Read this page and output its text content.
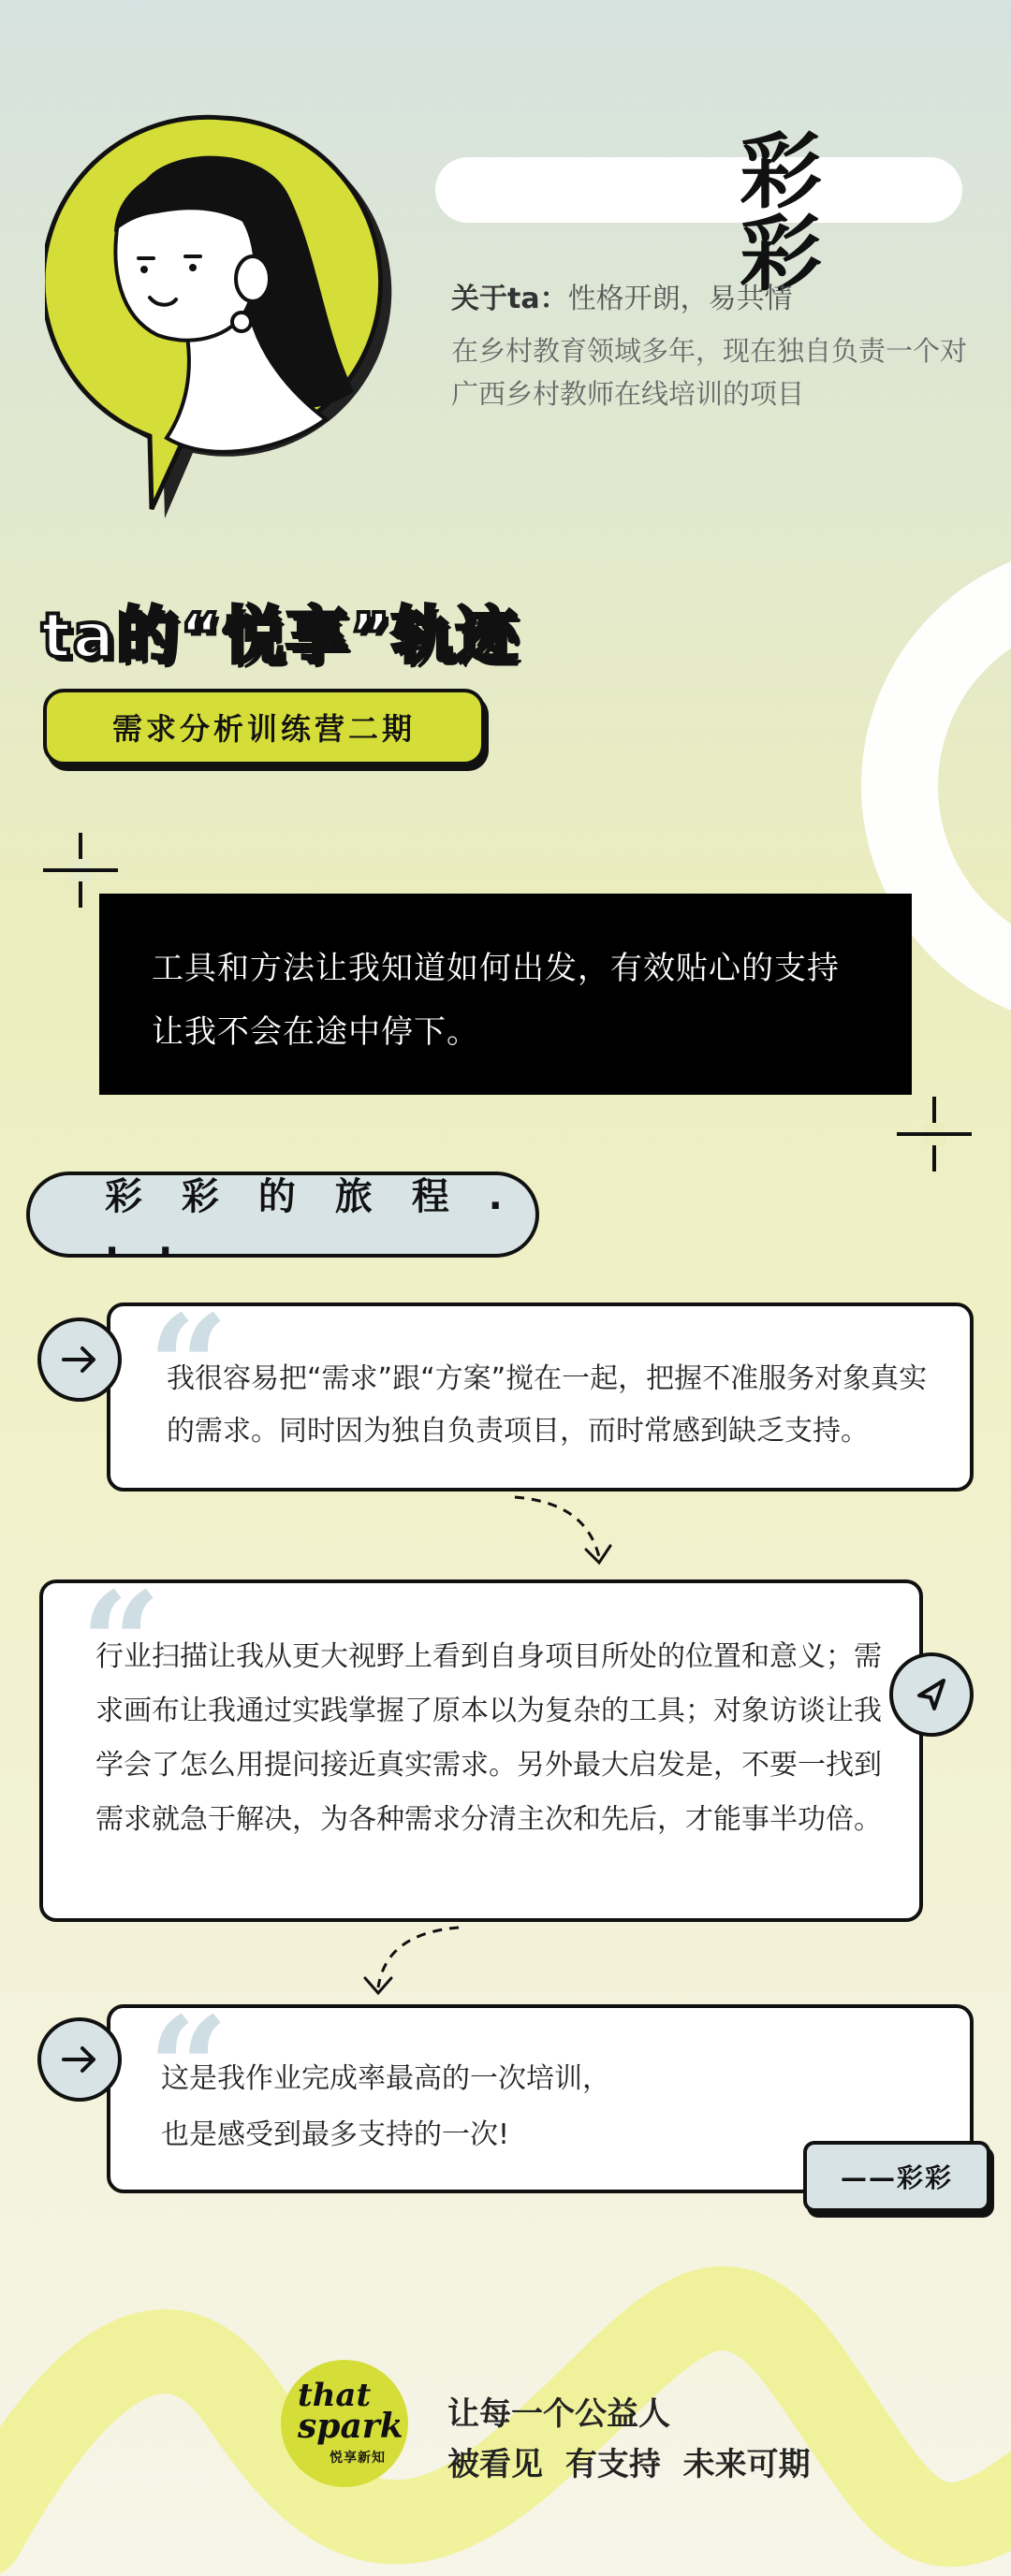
彩 彩
关于ta：性格开朗，易共情
在乡村教育领域多年，现在独自负责一个对广西乡村教师在线培训的项目
ta的“悦享”轨迹
需求分析训练营二期
工具和方法让我知道如何出发，有效贴心的支持让我不会在途中停下。
彩 彩 的 旅 程 . . .
“
我很容易把“需求”跟“方案”搅在一起，把握不准服务对象真实的需求。同时因为独自负责项目，而时常感到缺乏支持。
“
行业扫描让我从更大视野上看到自身项目所处的位置和意义；需求画布让我通过实践掌握了原本以为复杂的工具；对象访谈让我学会了怎么用提问接近真实需求。另外最大启发是，不要一找到需求就急于解决，为各种需求分清主次和先后，才能事半功倍。
“
这是我作业完成率最高的一次培训，
也是感受到最多支持的一次!
——彩彩
that
spark
悦享新知
让每一个公益人
被看见 有支持 未来可期
